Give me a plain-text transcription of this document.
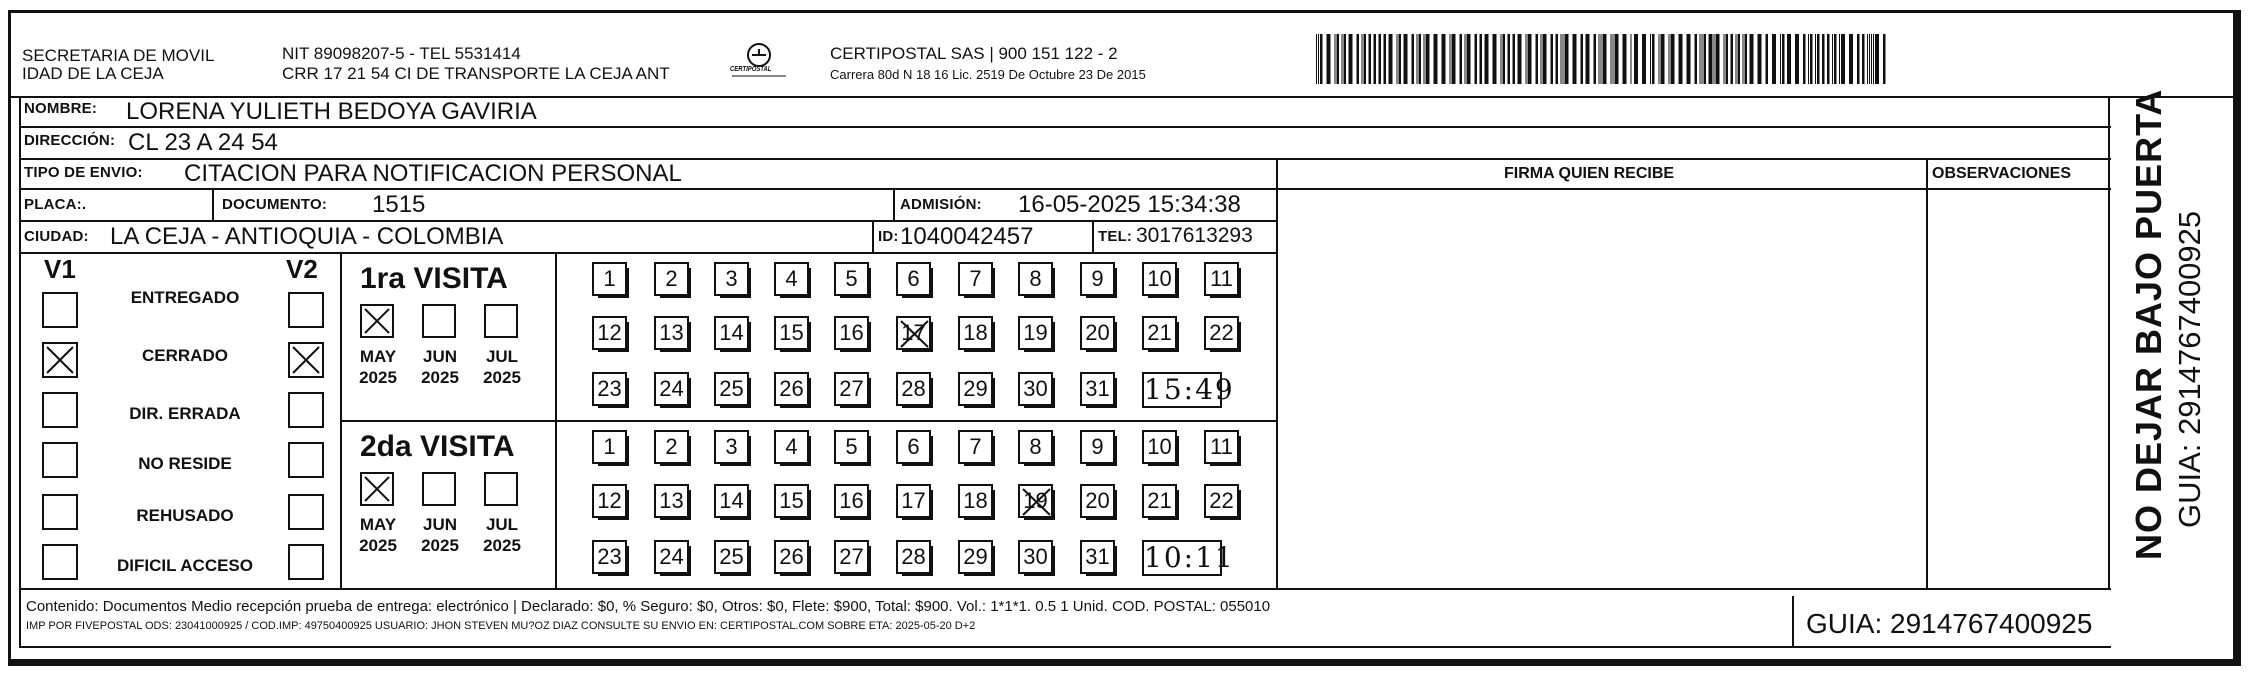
SECRETARIA DE MOVIL
IDAD DE LA CEJA
NIT 89098207-5 - TEL 5531414
CRR 17 21 54 CI DE TRANSPORTE LA CEJA ANT	CERTIPOSTAL
CERTIPOSTAL SAS | 900 151 122 - 2
Carrera 80d N 18 16 Lic. 2519 De Octubre 23 De 2015
NOMBRE: LORENA YULIETH BEDOYA GAVIRIA
DIRECCIÓN: CL 23 A 24 54
TIPO DE ENVIO: CITACION PARA NOTIFICACION PERSONAL	FIRMA QUIEN RECIBE	OBSERVACIONES
PLACA:.	DOCUMENTO: 1515	ADMISIÓN: 16-05-2025 15:34:38
CIUDAD: LA CEJA - ANTIOQUIA - COLOMBIA	ID: 1040042457	TEL: 3017613293
V1	V2
ENTREGADO
CERRADO
DIR. ERRADA
NO RESIDE
REHUSADO
DIFICIL ACCESO
1ra VISITA
MAY
2025
JUN
2025
JUL
2025
1	2	3	4	5	6	7	8	9	10 11
12 13 14 15 16 17 18 19 20 21 22
23 24 25 26 27 28 29 30 31 15:49
2da VISITA
MAY
2025
JUN
2025
JUL
2025
1	2	3	4	5	6	7	8	9	10 11
12 13 14 15 16 17 18 19 20 21 22
23 24 25 26 27 28 29 30 31 10:11
Contenido: Documentos Medio recepción prueba de entrega: electrónico | Declarado: $0, % Seguro: $0, Otros: $0, Flete: $900, Total: $900. Vol.: 1*1*1. 0.5 1 Unid. COD. POSTAL: 055010
IMP POR FIVEPOSTAL ODS: 23041000925 / COD.IMP: 49750400925 USUARIO: JHON STEVEN MU?OZ DIAZ CONSULTE SU ENVIO EN: CERTIPOSTAL.COM SOBRE ETA: 2025-05-20 D+2	GUIA: 2914767400925
NO DEJAR BAJO PUERTA GUIA: 2914767400925
